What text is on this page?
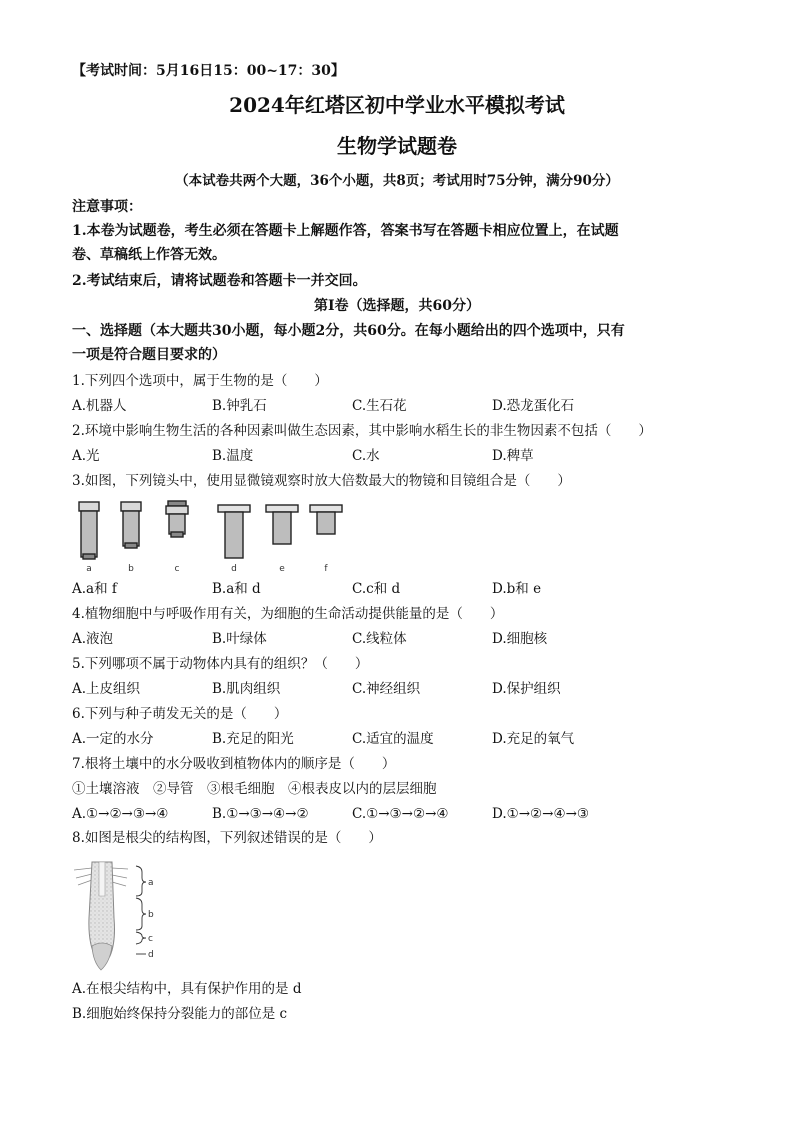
【考试时间：5月16日15：00~17：30】
2024年红塔区初中学业水平模拟考试
生物学试题卷
（本试卷共两个大题，36个小题，共8页；考试用时75分钟，满分90分）
注意事项：
1.本卷为试题卷，考生必须在答题卡上解题作答，答案书写在答题卡相应位置上，在试题
卷、草稿纸上作答无效。
2.考试结束后，请将试题卷和答题卡一并交回。
第Ⅰ卷（选择题，共60分）
一、选择题（本大题共30小题，每小题2分，共60分。在每小题给出的四个选项中，只有
一项是符合题目要求的）
1.下列四个选项中，属于生物的是（　　）
A.机器人	B.钟乳石	C.生石花	D.恐龙蛋化石
2.环境中影响生物生活的各种因素叫做生态因素，其中影响水稻生长的非生物因素不包括（　　）
A.光	B.温度	C.水	D.稗草
3.如图，下列镜头中，使用显微镜观察时放大倍数最大的物镜和目镜组合是（　　）
a	b	c	d	e	f
A.a和 f	B.a和 d	C.c和 d	D.b和 e
4.植物细胞中与呼吸作用有关，为细胞的生命活动提供能量的是（　　）
A.液泡	B.叶绿体	C.线粒体	D.细胞核
5.下列哪项不属于动物体内具有的组织？（　　）
A.上皮组织	B.肌肉组织	C.神经组织	D.保护组织
6.下列与种子萌发无关的是（　　）
A.一定的水分	B.充足的阳光	C.适宜的温度	D.充足的氧气
7.根将土壤中的水分吸收到植物体内的顺序是（　　）
①土壤溶液　②导管　③根毛细胞　④根表皮以内的层层细胞
A.①→②→③→④	B.①→③→④→②	C.①→③→②→④	D.①→②→④→③
8.如图是根尖的结构图，下列叙述错误的是（　　）
a
b
c
d
A.在根尖结构中，具有保护作用的是 d
B.细胞始终保持分裂能力的部位是 c
